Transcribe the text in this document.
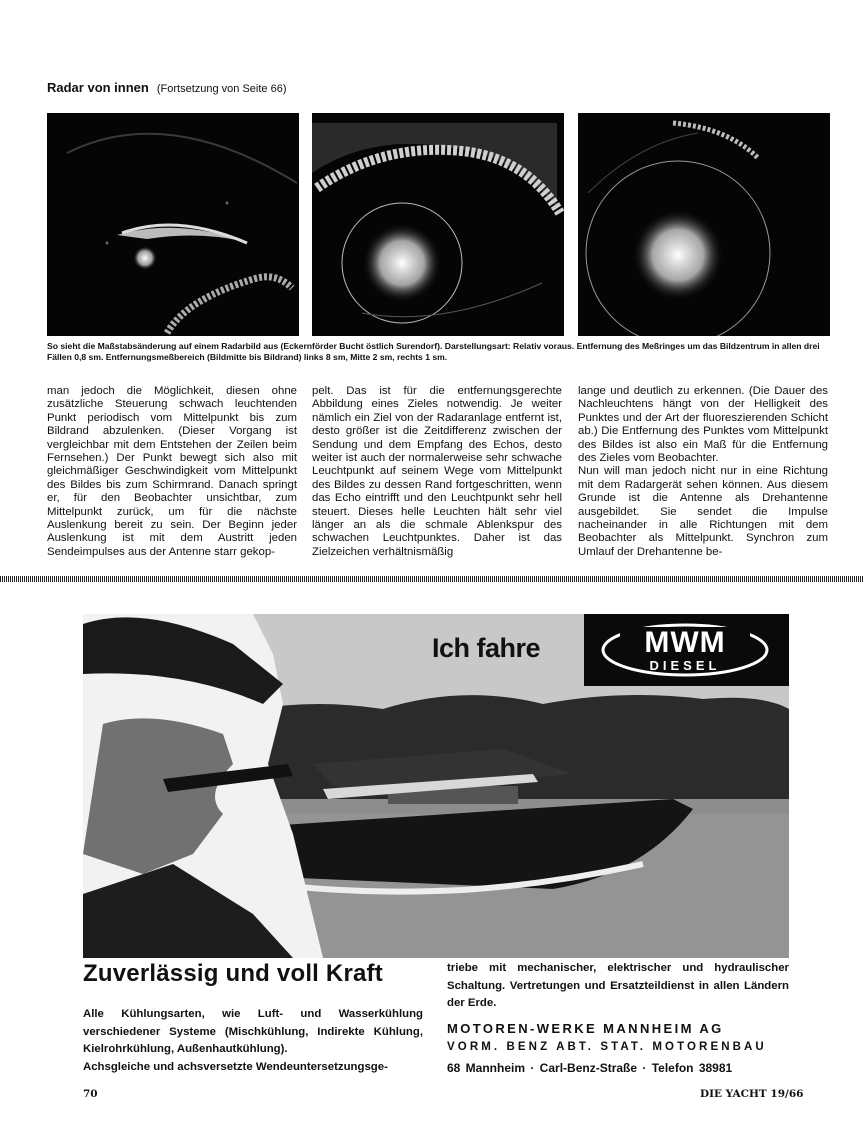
Radar von innen (Fortsetzung von Seite 66)
So sieht die Maßstabsänderung auf einem Radarbild aus (Eckernförder Bucht östlich Surendorf). Darstellungsart: Relativ voraus. Entfernung des Meßringes um das Bildzentrum in allen drei Fällen 0,8 sm. Entfernungsmeßbereich (Bildmitte bis Bildrand) links 8 sm, Mitte 2 sm, rechts 1 sm.

man jedoch die Möglichkeit, diesen ohne zusätzliche Steuerung schwach leuchtenden Punkt periodisch vom Mittelpunkt bis zum Bildrand abzulenken. (Dieser Vorgang ist vergleichbar mit dem Entstehen der Zeilen beim Fernsehen.) Der Punkt bewegt sich also mit gleichmäßiger Geschwindigkeit vom Mittelpunkt des Bildes bis zum Schirmrand. Danach springt er, für den Beobachter unsichtbar, zum Mittelpunkt zurück, um für die nächste Auslenkung bereit zu sein. Der Beginn jeder Auslenkung ist mit dem Austritt jeden Sendeimpulses aus der Antenne starr gekop-

pelt. Das ist für die entfernungsgerechte Abbildung eines Zieles notwendig. Je weiter nämlich ein Ziel von der Radaranlage entfernt ist, desto größer ist die Zeitdifferenz zwischen der Sendung und dem Empfang des Echos, desto weiter ist auch der normalerweise sehr schwache Leuchtpunkt auf seinem Wege vom Mittelpunkt des Bildes zu dessen Rand fortgeschritten, wenn das Echo eintrifft und den Leuchtpunkt sehr hell steuert. Dieses helle Leuchten hält sehr viel länger an als die schmale Ablenkspur des schwachen Leuchtpunktes. Daher ist das Zielzeichen verhältnismäßig

lange und deutlich zu erkennen. (Die Dauer des Nachleuchtens hängt von der Helligkeit des Punktes und der Art der fluoreszierenden Schicht ab.) Die Entfernung des Punktes vom Mittelpunkt des Bildes ist also ein Maß für die Entfernung des Zieles vom Beobachter.

Nun will man jedoch nicht nur in eine Richtung mit dem Radargerät sehen können. Aus diesem Grunde ist die Antenne als Drehantenne ausgebildet. Sie sendet die Impulse nacheinander in alle Richtungen mit dem Beobachter als Mittelpunkt. Synchron zum Umlauf der Drehantenne be-

Ich fahre	MWM
DIESEL
Zuverlässig und voll Kraft
Alle Kühlungsarten, wie Luft- und Wasserkühlung verschiedener Systeme (Mischkühlung, Indirekte Kühlung, Kielrohrkühlung, Außenhautkühlung).
Achsgleiche und achsversetzte Wendeuntersetzungsge-
triebe mit mechanischer, elektrischer und hydraulischer Schaltung. Vertretungen und Ersatzteildienst in allen Ländern der Erde.
MOTOREN-WERKE MANNHEIM AG
VORM. BENZ ABT. STAT. MOTORENBAU
68 Mannheim · Carl-Benz-Straße · Telefon 38981
70	DIE YACHT 19/66
